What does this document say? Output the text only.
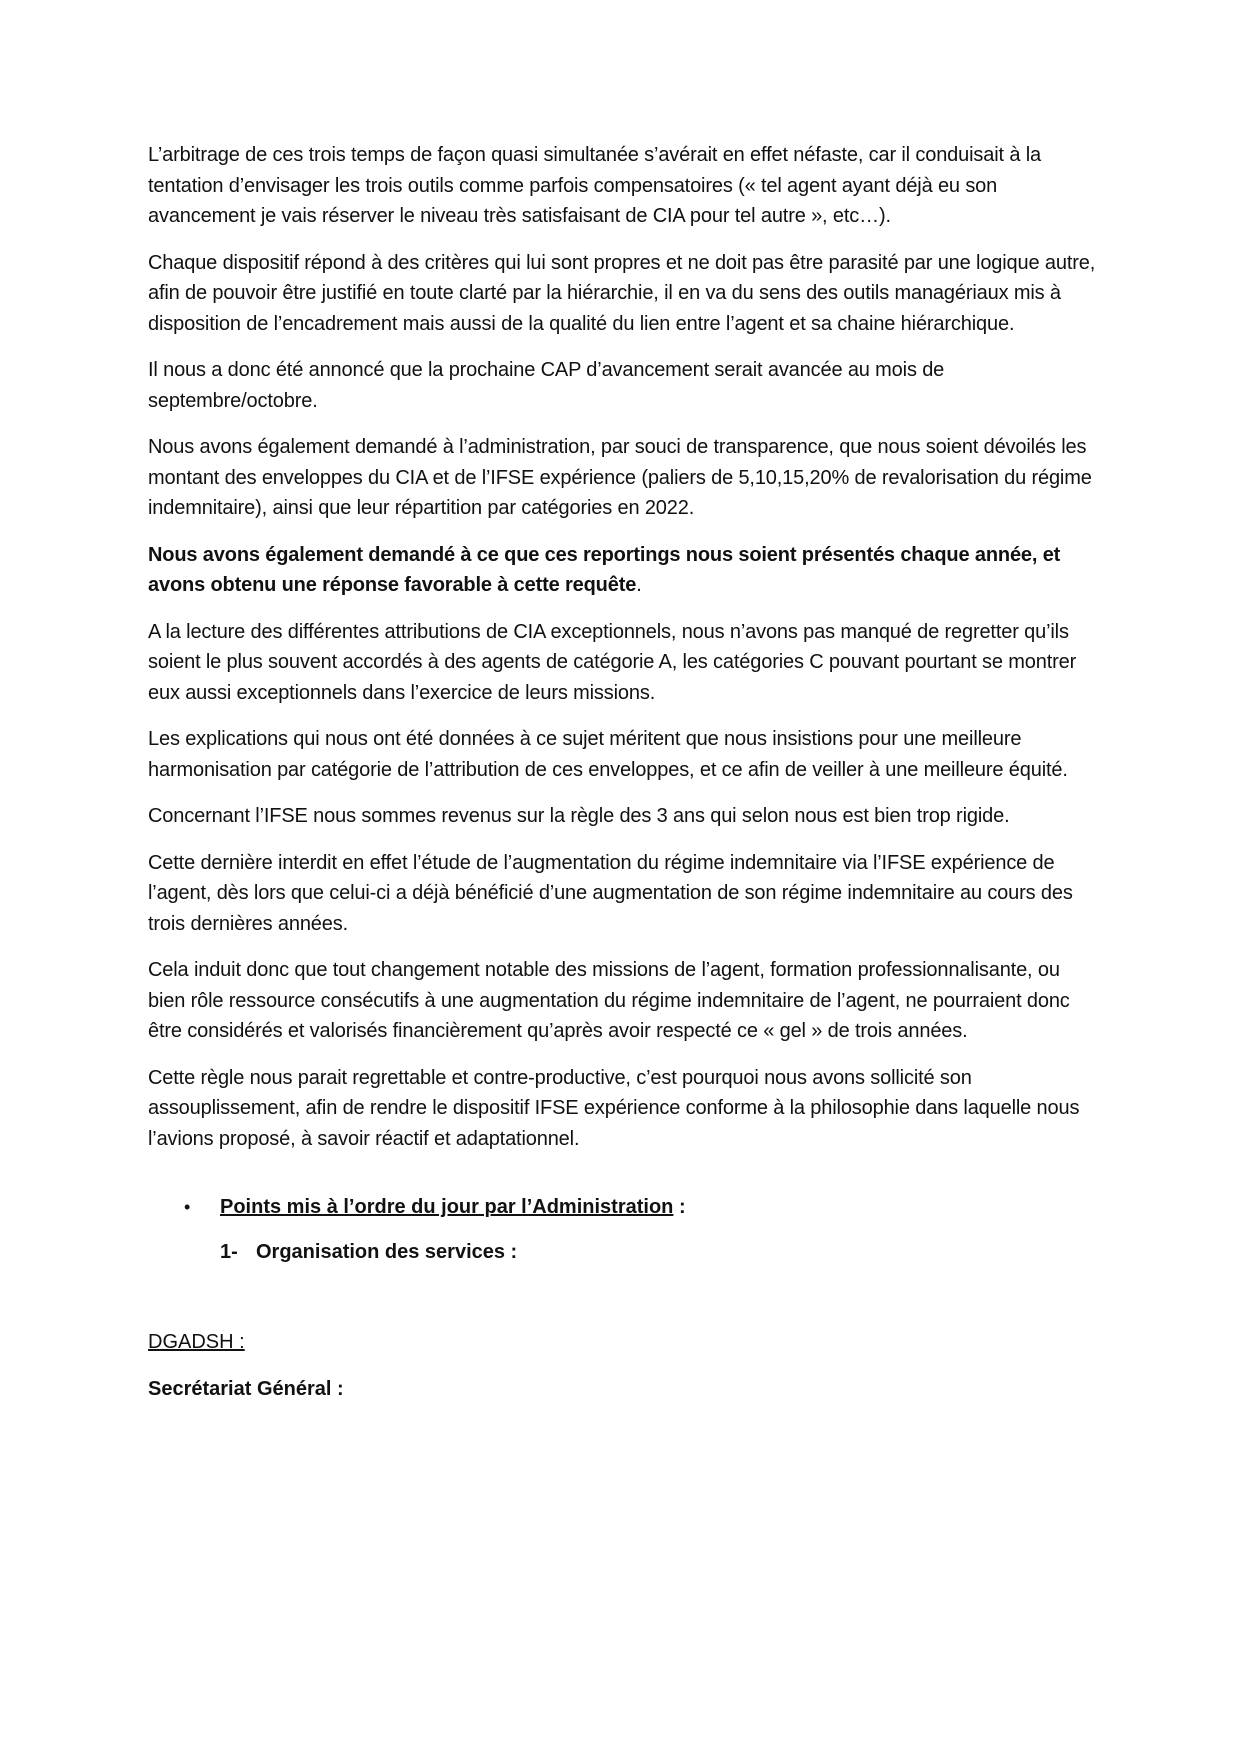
L’arbitrage de ces trois temps de façon quasi simultanée s’avérait en effet néfaste, car il conduisait à la tentation d’envisager les trois outils comme parfois compensatoires (« tel agent ayant déjà eu son avancement je vais réserver le niveau très satisfaisant de CIA pour tel autre », etc…).

Chaque dispositif répond à des critères qui lui sont propres et ne doit pas être parasité par une logique autre, afin de pouvoir être justifié en toute clarté par la hiérarchie, il en va du sens des outils managériaux mis à disposition de l’encadrement mais aussi de la qualité du lien entre l’agent et sa chaine hiérarchique.

Il nous a donc été annoncé que la prochaine CAP d’avancement serait avancée au mois de septembre/octobre.

Nous avons également demandé à l’administration, par souci de transparence, que nous soient dévoilés les montant des enveloppes du CIA et de l’IFSE expérience (paliers de 5,10,15,20% de revalorisation du régime indemnitaire), ainsi que leur répartition par catégories en 2022.

Nous avons également demandé à ce que ces reportings nous soient présentés chaque année, et avons obtenu une réponse favorable à cette requête.

A la lecture des différentes attributions de CIA exceptionnels, nous n’avons pas manqué de regretter qu’ils soient le plus souvent accordés à des agents de catégorie A, les catégories C pouvant pourtant se montrer eux aussi exceptionnels dans l’exercice de leurs missions.

Les explications qui nous ont été données à ce sujet méritent que nous insistions pour une meilleure harmonisation par catégorie de l’attribution de ces enveloppes, et ce afin de veiller à une meilleure équité.

Concernant l’IFSE nous sommes revenus sur la règle des 3 ans qui selon nous est bien trop rigide.

Cette dernière interdit en effet l’étude de l’augmentation du régime indemnitaire via l’IFSE expérience de l’agent, dès lors que celui-ci a déjà bénéficié d’une augmentation de son régime indemnitaire au cours des trois dernières années.

Cela induit donc que tout changement notable des missions de l’agent, formation professionnalisante, ou bien rôle ressource consécutifs à une augmentation du régime indemnitaire de l’agent, ne pourraient donc être considérés et valorisés financièrement qu’après avoir respecté ce « gel » de trois années.

Cette règle nous parait regrettable et contre-productive, c’est pourquoi nous avons sollicité son assouplissement, afin de rendre le dispositif IFSE expérience conforme à la philosophie dans laquelle nous l’avions proposé, à savoir réactif et adaptationnel.

•	Points mis à l’ordre du jour par l’Administration :
1- Organisation des services :

DGADSH :

Secrétariat Général :
